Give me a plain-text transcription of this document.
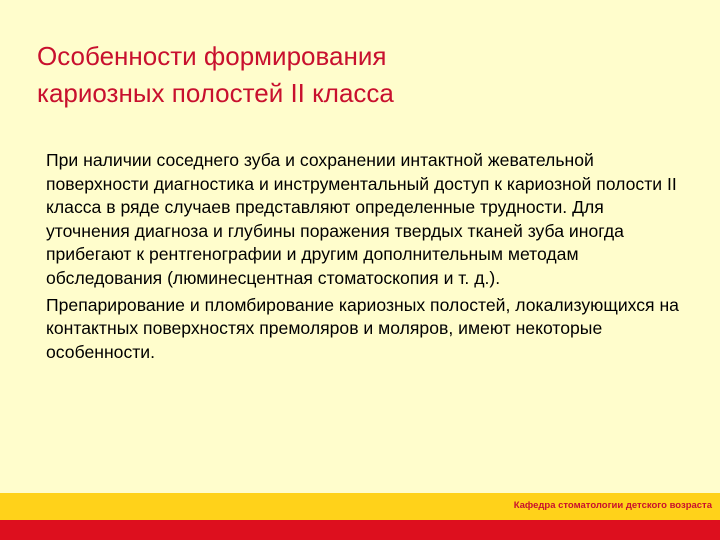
Особенности формирования
кариозных полостей II класса

При наличии соседнего зуба и сохранении интактной жевательной поверхности диагностика и инструментальный доступ к кариозной полости II класса в ряде случаев представляют определенные трудности. Для уточнения диагноза и глубины поражения твердых тканей зуба иногда прибегают к рентгенографии и другим дополнительным методам обследования (люминесцентная стоматоскопия и т. д.).

Препарирование и пломбирование кариозных полостей, локализующихся на контактных поверхностях премоляров и моляров, имеют некоторые особенности.

Кафедра стоматологии детского возраста
